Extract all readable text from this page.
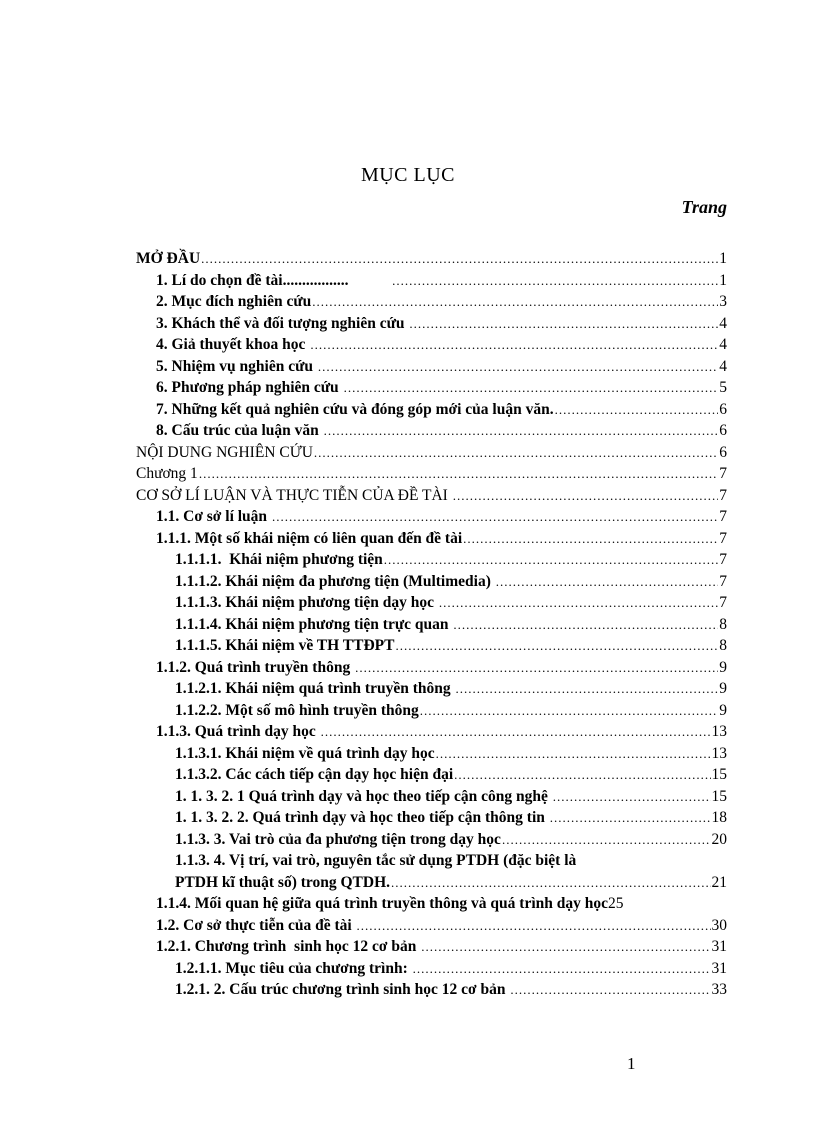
MỤC LỤC
Trang
MỞ ĐẦU .....	1
1. Lí do chọn đề tài................. .....	1
2. Mục đích nghiên cứu .....	3
3. Khách thể và đối tượng nghiên cứu .....	4
4. Giả thuyết khoa học .....	4
5. Nhiệm vụ nghiên cứu .....	4
6. Phương pháp nghiên cứu .....	5
7. Những kết quả nghiên cứu và đóng góp mới của luận văn. .....	6
8. Cấu trúc của luận văn .....	6
NỘI DUNG NGHIÊN CỨU .....	6
Chương 1 .....	7
CƠ SỞ LÍ LUẬN VÀ THỰC TIỄN CỦA ĐỀ TÀI .....	7
1.1. Cơ sở lí luận .....	7
1.1.1. Một số khái niệm có liên quan đến đề tài .....	7
1.1.1.1.  Khái niệm phương tiện .....	7
1.1.1.2. Khái niệm đa phương tiện (Multimedia) .....	7
1.1.1.3. Khái niệm phương tiện dạy học .....	7
1.1.1.4. Khái niệm phương tiện trực quan .....	8
1.1.1.5. Khái niệm về TH TTĐPT .....	8
1.1.2. Quá trình truyền thông .....	9
1.1.2.1. Khái niệm quá trình truyền thông .....	9
1.1.2.2. Một số mô hình truyền thông .....	9
1.1.3. Quá trình dạy học .....	13
1.1.3.1. Khái niệm về quá trình dạy học .....	13
1.1.3.2. Các cách tiếp cận dạy học hiện đại .....	15
1. 1. 3. 2. 1 Quá trình dạy và học theo tiếp cận công nghệ .....	15
1. 1. 3. 2. 2. Quá trình dạy và học theo tiếp cận thông tin .....	18
1.1.3. 3. Vai trò của đa phương tiện trong dạy học .....	20
1.1.3. 4. Vị trí, vai trò, nguyên tắc sử dụng PTDH (đặc biệt là
PTDH kĩ thuật số) trong QTDH. .....	21
1.1.4. Mối quan hệ giữa quá trình truyền thông và quá trình dạy học 25
1.2. Cơ sở thực tiễn của đề tài .....	30
1.2.1. Chương trình  sinh học 12 cơ bản .....	31
1.2.1.1. Mục tiêu của chương trình: .....	31
1.2.1. 2. Cấu trúc chương trình sinh học 12 cơ bản .....	33
1
